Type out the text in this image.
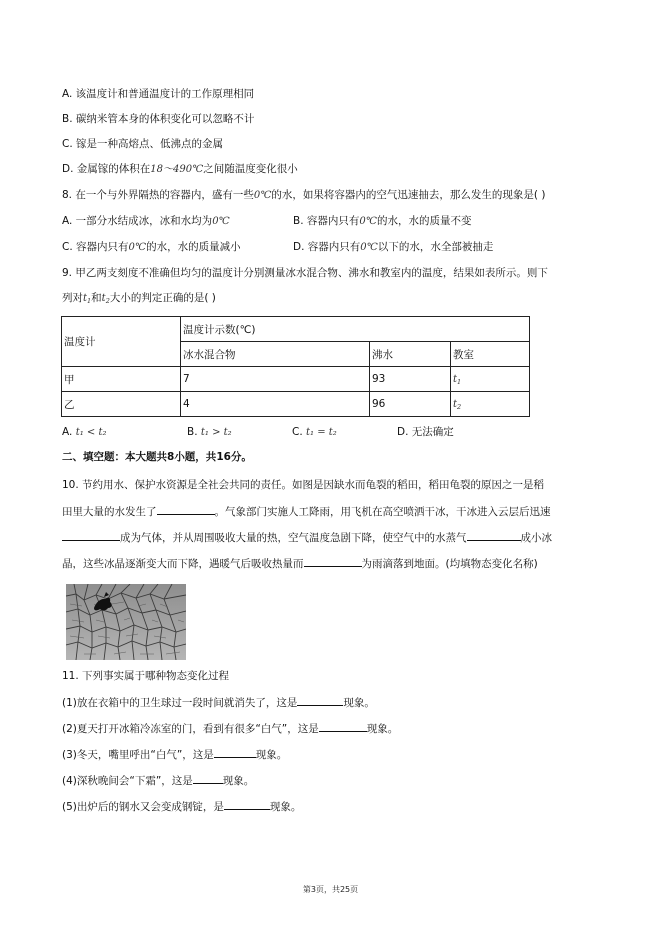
A. 该温度计和普通温度计的工作原理相同
B. 碳纳米管本身的体积变化可以忽略不计
C. 镓是一种高熔点、低沸点的金属
D. 金属镓的体积在18～490℃之间随温度变化很小
8. 在一个与外界隔热的容器内，盛有一些0℃的水，如果将容器内的空气迅速抽去，那么发生的现象是( )
A. 一部分水结成冰，冰和水均为0℃	B. 容器内只有0℃的水，水的质量不变
C. 容器内只有0℃的水，水的质量减小	D. 容器内只有0℃以下的水，水全部被抽走
9. 甲乙两支刻度不准确但均匀的温度计分别测量冰水混合物、沸水和教室内的温度，结果如表所示。则下
列对$t_1$和$t_2$大小的判定正确的是( )
温度计	温度计示数(℃)		
	冰水混合物	沸水	教室
甲	7	93	$t_1$
乙	4	96	$t_2$
A. t₁ < t₂	B. t₁ > t₂	C. t₁ = t₂	D. 无法确定
二、填空题：本大题共8小题，共16分。
10. 节约用水、保护水资源是全社会共同的责任。如图是因缺水而龟裂的稻田，稻田龟裂的原因之一是稻
田里大量的水发生了	。气象部门实施人工降雨，用飞机在高空喷洒干冰，干冰进入云层后迅速
成为气体，并从周围吸收大量的热，空气温度急剧下降，使空气中的水蒸气	成小冰
晶，这些冰晶逐渐变大而下降，遇暖气后吸收热量而	为雨滴落到地面。(均填物态变化名称)
11. 下列事实属于哪种物态变化过程
(1)放在衣箱中的卫生球过一段时间就消失了，这是	现象。
(2)夏天打开冰箱冷冻室的门，看到有很多“白气”，这是	现象。
(3)冬天，嘴里呼出“白气”，这是	现象。
(4)深秋晚间会“下霜”，这是	现象。
(5)出炉后的钢水又会变成钢锭，是	现象。
第3页，共25页
